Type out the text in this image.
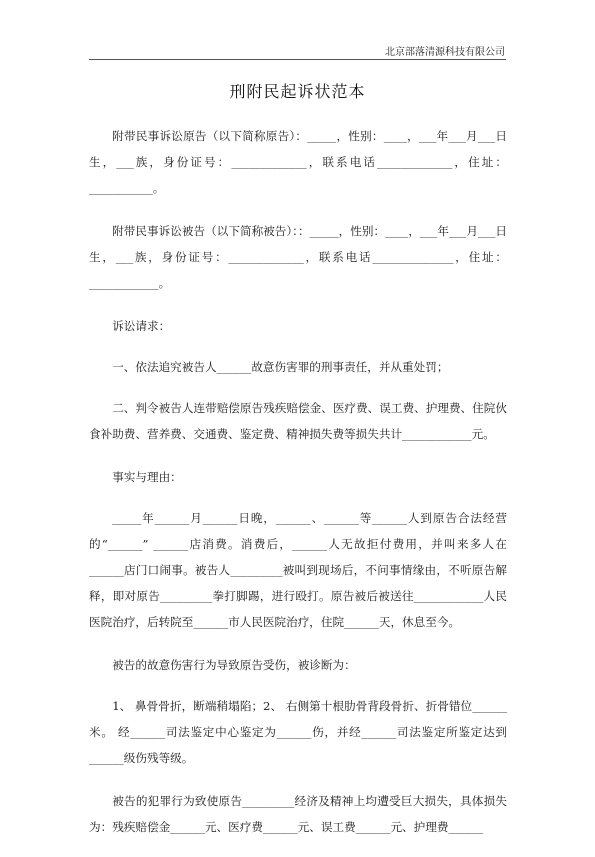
北京部落清源科技有限公司
刑附民起诉状范本

附带民事诉讼原告（以下简称原告）：_____，性别：____，___年___月___日生，___族，身份证号：_____________，联系电话_____________，住址：___________。

附带民事诉讼被告（以下简称被告）：：_____，性别：____，___年___月___日生，___族，身份证号：_____________，联系电话______________，住址：____________。

诉讼请求：

一、依法追究被告人______故意伤害罪的刑事责任，并从重处罚；

二、判令被告人连带赔偿原告残疾赔偿金、医疗费、误工费、护理费、住院伙食补助费、营养费、交通费、鉴定费、精神损失费等损失共计____________元。

事实与理由：

_____年______月______日晚，______、______等______人到原告合法经营的“______” ______店消费。消费后，______人无故拒付费用，并叫来多人在______店门口闹事。被告人_________被叫到现场后，不问事情缘由，不听原告解释，即对原告_________拳打脚踢，进行殴打。原告被后被送往____________人民医院治疗，后转院至______市人民医院治疗，住院______天，休息至今。

被告的故意伤害行为导致原告受伤，被诊断为：

1、 鼻骨骨折，断端稍塌陷；2、 右侧第十根肋骨背段骨折、折骨错位______米。 经______司法鉴定中心鉴定为______伤，并经______司法鉴定所鉴定达到______级伤残等级。

被告的犯罪行为致使原告_________经济及精神上均遭受巨大损失，具体损失为：残疾赔偿金______元、医疗费______元、误工费______元、护理费______
